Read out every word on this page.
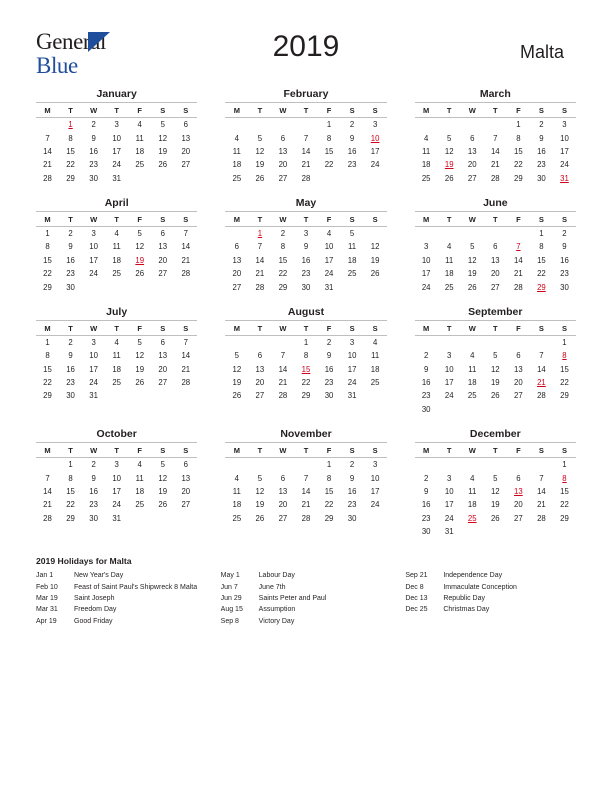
General
Blue
2019	Malta
January
M	T	W	T	F	S	S
	1	2	3	4	5	6
7	8	9	10	11	12	13
14	15	16	17	18	19	20
21	22	23	24	25	26	27
28	29	30	31			
February
M	T	W	T	F	S	S
				1	2	3
4	5	6	7	8	9	10
11	12	13	14	15	16	17
18	19	20	21	22	23	24
25	26	27	28			
March
M	T	W	T	F	S	S
				1	2	3
4	5	6	7	8	9	10
11	12	13	14	15	16	17
18	19	20	21	22	23	24
25	26	27	28	29	30	31
April
M	T	W	T	F	S	S
1	2	3	4	5	6	7
8	9	10	11	12	13	14
15	16	17	18	19	20	21
22	23	24	25	26	27	28
29	30					
May
M	T	W	T	F	S	S
	1	2	3	4	5	
6	7	8	9	10	11	12
13	14	15	16	17	18	19
20	21	22	23	24	25	26
27	28	29	30	31		
June
M	T	W	T	F	S	S
					1	2
3	4	5	6	7	8	9
10	11	12	13	14	15	16
17	18	19	20	21	22	23
24	25	26	27	28	29	30
July
M	T	W	T	F	S	S
1	2	3	4	5	6	7
8	9	10	11	12	13	14
15	16	17	18	19	20	21
22	23	24	25	26	27	28
29	30	31				
August
M	T	W	T	F	S	S
			1	2	3	4
5	6	7	8	9	10	11
12	13	14	15	16	17	18
19	20	21	22	23	24	25
26	27	28	29	30	31	
September
M	T	W	T	F	S	S
						1
2	3	4	5	6	7	8
9	10	11	12	13	14	15
16	17	18	19	20	21	22
23	24	25	26	27	28	29
30						
October
M	T	W	T	F	S	S
	1	2	3	4	5	6
7	8	9	10	11	12	13
14	15	16	17	18	19	20
21	22	23	24	25	26	27
28	29	30	31			
November
M	T	W	T	F	S	S
				1	2	3
4	5	6	7	8	9	10
11	12	13	14	15	16	17
18	19	20	21	22	23	24
25	26	27	28	29	30	
December
M	T	W	T	F	S	S
						1
2	3	4	5	6	7	8
9	10	11	12	13	14	15
16	17	18	19	20	21	22
23	24	25	26	27	28	29
30	31					
2019 Holidays for Malta
Jan 1	New Year's Day
Feb 10	Feast of Saint Paul's Shipwreck 8 Malta
Mar 19	Saint Joseph
Mar 31	Freedom Day
Apr 19	Good Friday
May 1	Labour Day
Jun 7	June 7th
Jun 29	Saints Peter and Paul
Aug 15	Assumption
Sep 8	Victory Day
Sep 21	Independence Day
Dec 8	Immaculate Conception
Dec 13	Republic Day
Dec 25	Christmas Day
